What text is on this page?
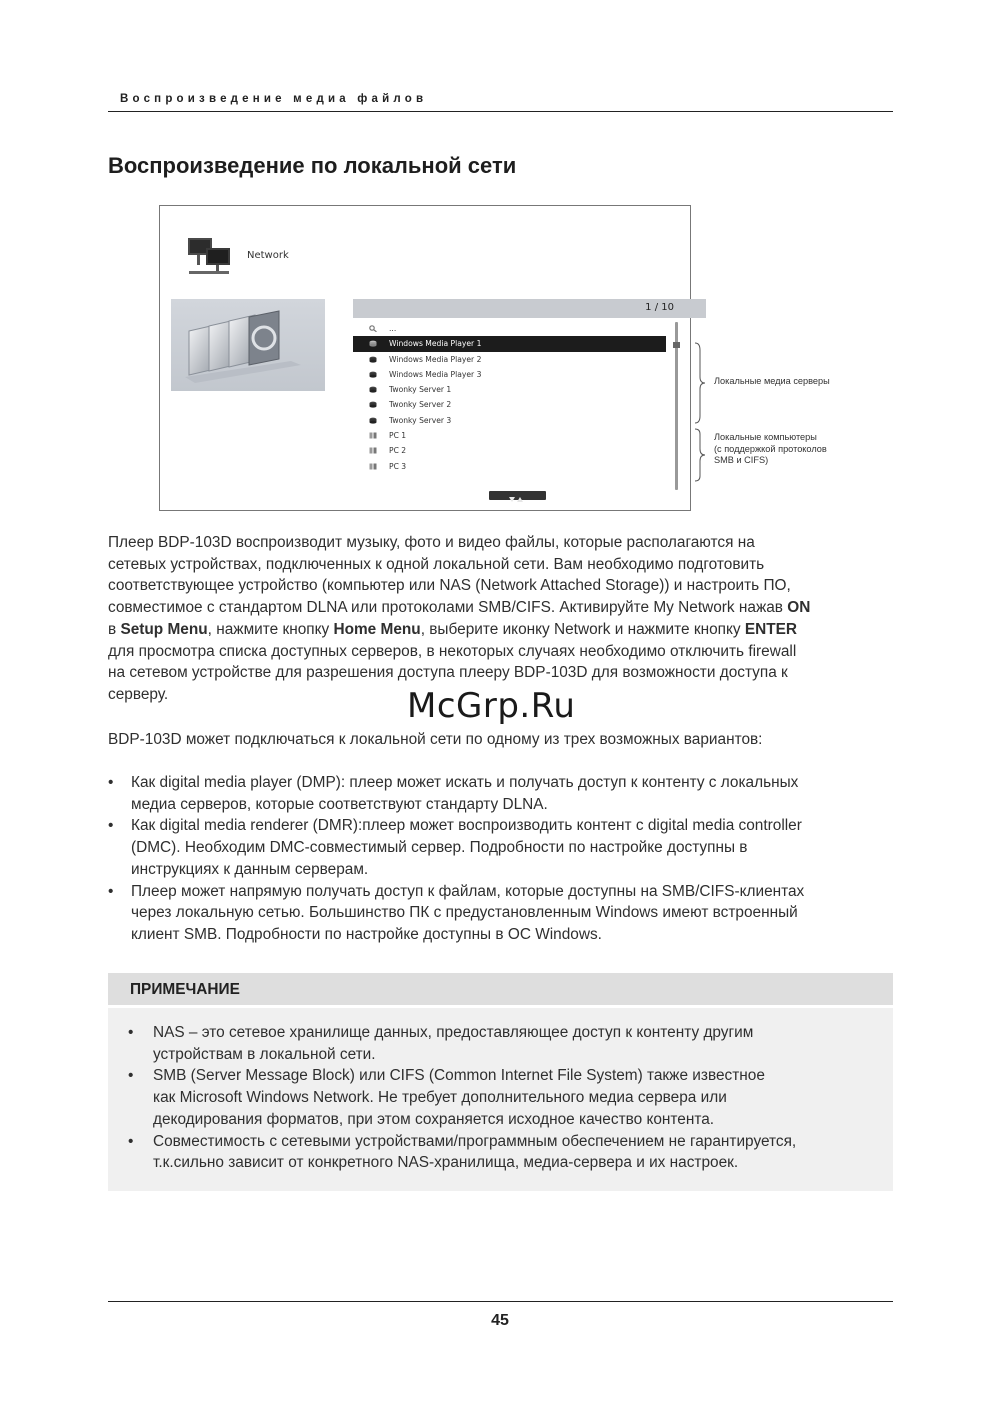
Воспроизведение медиа файлов
Воспроизведение по локальной сети
Network
1 / 10
...
Windows Media Player 1
Windows Media Player 2
Windows Media Player 3
Twonky Server 1
Twonky Server 2
Twonky Server 3
PC 1
PC 2
PC 3
Локальные медиа серверы
Локальные компьютеры
(с поддержкой протоколов
SMB и CIFS)
Плеер BDP-103D воспроизводит музыку, фото и видео файлы, которые располагаются на
сетевых устройствах, подключенных к одной локальной сети. Вам необходимо подготовить
соответствующее устройство (компьютер или NAS (Network Attached Storage)) и настроить ПО,
совместимое с стандартом DLNA или протоколами SMB/CIFS. Активируйте My Network нажав ON
в Setup Menu, нажмите кнопку Home Menu, выберите иконку Network и нажмите кнопку ENTER
для просмотра списка доступных серверов, в некоторых случаях необходимо отключить firewall
на сетевом устройстве для разрешения доступа плееру BDP-103D для возможности доступа к
серверу.	McGrp.Ru
BDP-103D может подключаться к локальной сети по одному из трех возможных вариантов:
• Как digital media player (DMP): плеер может искать и получать доступ к контенту с локальных
медиа серверов, которые соответствуют стандарту DLNA.
• Как digital media renderer (DMR):плеер может воспроизводить контент с digital media controller
(DMC). Необходим DMC-совместимый сервер. Подробности по настройке доступны в
инструкциях к данным серверам.
• Плеер может напрямую получать доступ к файлам, которые доступны на SMB/CIFS-клиентах
через локальную сетью. Большинство ПК с предустановленным Windows имеют встроенный
клиент SMB. Подробности по настройке доступны в ОС Windows.
ПРИМЕЧАНИЕ
• NAS – это сетевое хранилище данных, предоставляющее доступ к контенту другим
устройствам в локальной сети.
• SMB (Server Message Block) или CIFS (Common Internet File System) также известное
как Microsoft Windows Network. Не требует дополнительного медиа сервера или
декодирования форматов, при этом сохраняется исходное качество контента.
• Совместимость с сетевыми устройствами/программным обеспечением не гарантируется,
т.к.сильно зависит от конкретного NAS-хранилища, медиа-сервера и их настроек.
45
